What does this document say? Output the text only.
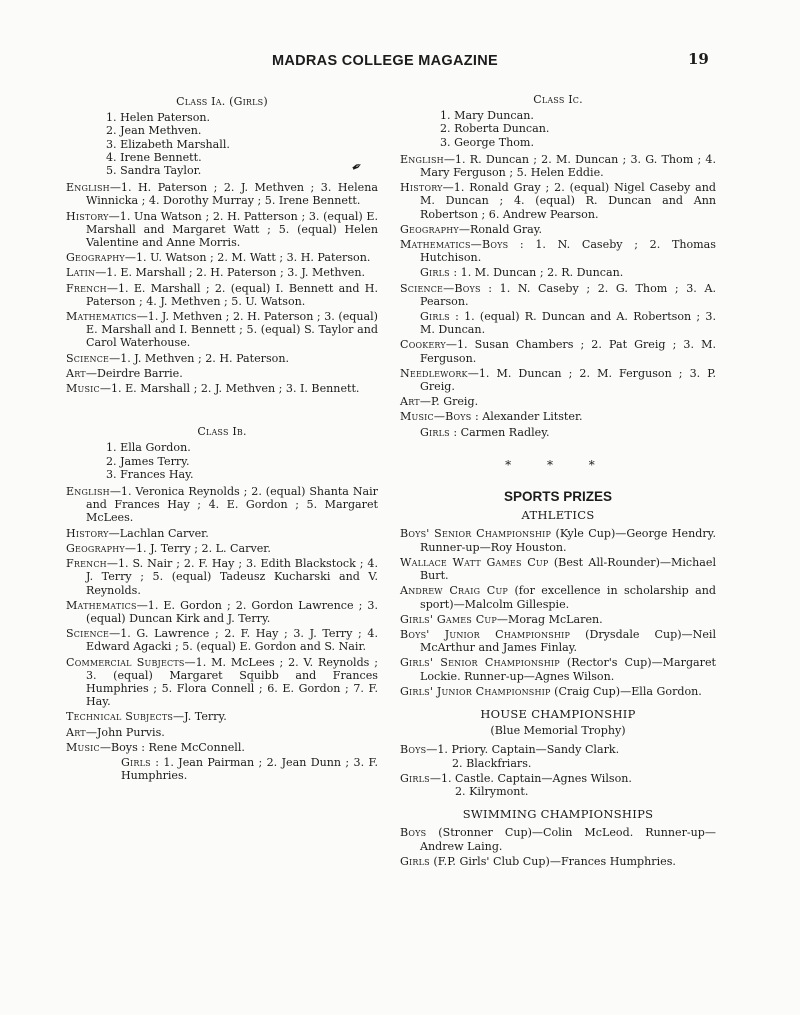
MADRAS COLLEGE MAGAZINE	19
✒
Class Ia. (Girls)
1. Helen Paterson.
2. Jean Methven.
3. Elizabeth Marshall.
4. Irene Bennett.
5. Sandra Taylor.

English—1. H. Paterson ; 2. J. Methven ; 3. Helena Winnicka ; 4. Dorothy Murray ; 5. Irene Bennett.

History—1. Una Watson ; 2. H. Patterson ; 3. (equal) E. Marshall and Margaret Watt ; 5. (equal) Helen Valentine and Anne Morris.

Geography—1. U. Watson ; 2. M. Watt ; 3. H. Paterson.

Latin—1. E. Marshall ; 2. H. Paterson ; 3. J. Methven.

French—1. E. Marshall ; 2. (equal) I. Bennett and H. Paterson ; 4. J. Methven ; 5. U. Watson.

Mathematics—1. J. Methven ; 2. H. Paterson ; 3. (equal) E. Marshall and I. Bennett ; 5. (equal) S. Taylor and Carol Waterhouse.

Science—1. J. Methven ; 2. H. Paterson.

Art—Deirdre Barrie.

Music—1. E. Marshall ; 2. J. Methven ; 3. I. Bennett.

Class Ib.
1. Ella Gordon.
2. James Terry.
3. Frances Hay.

English—1. Veronica Reynolds ; 2. (equal) Shanta Nair and Frances Hay ; 4. E. Gordon ; 5. Margaret McLees.

History—Lachlan Carver.

Geography—1. J. Terry ; 2. L. Carver.

French—1. S. Nair ; 2. F. Hay ; 3. Edith Blackstock ; 4. J. Terry ; 5. (equal) Tadeusz Kucharski and V. Reynolds.

Mathematics—1. E. Gordon ; 2. Gordon Lawrence ; 3. (equal) Duncan Kirk and J. Terry.

Science—1. G. Lawrence ; 2. F. Hay ; 3. J. Terry ; 4. Edward Agacki ; 5. (equal) E. Gordon and S. Nair.

Commercial Subjects—1. M. McLees ; 2. V. Reynolds ; 3. (equal) Margaret Squibb and Frances Humphries ; 5. Flora Connell ; 6. E. Gordon ; 7. F. Hay.

Technical Subjects—J. Terry.

Art—John Purvis.

Music—Boys : Rene McConnell.

Girls : 1. Jean Pairman ; 2. Jean Dunn ; 3. F. Humphries.

Class Ic.
1. Mary Duncan.
2. Roberta Duncan.
3. George Thom.

English—1. R. Duncan ; 2. M. Duncan ; 3. G. Thom ; 4. Mary Ferguson ; 5. Helen Eddie.

History—1. Ronald Gray ; 2. (equal) Nigel Caseby and M. Duncan ; 4. (equal) R. Duncan and Ann Robertson ; 6. Andrew Pearson.

Geography—Ronald Gray.

Mathematics—Boys : 1. N. Caseby ; 2. Thomas Hutchison.

Girls : 1. M. Duncan ; 2. R. Duncan.

Science—Boys : 1. N. Caseby ; 2. G. Thom ; 3. A. Pearson.

Girls : 1. (equal) R. Duncan and A. Robertson ; 3. M. Duncan.

Cookery—1. Susan Chambers ; 2. Pat Greig ; 3. M. Ferguson.

Needlework—1. M. Duncan ; 2. M. Ferguson ; 3. P. Greig.

Art—P. Greig.

Music—Boys : Alexander Litster.

Girls : Carmen Radley.

* * *
SPORTS PRIZES
ATHLETICS

Boys' Senior Championship (Kyle Cup)—George Hendry. Runner-up—Roy Houston.

Wallace Watt Games Cup (Best All-Rounder)—Michael Burt.

Andrew Craig Cup (for excellence in scholarship and sport)—Malcolm Gillespie.

Girls' Games Cup—Morag McLaren.

Boys' Junior Championship (Drysdale Cup)—Neil McArthur and James Finlay.

Girls' Senior Championship (Rector's Cup)—Margaret Lockie. Runner-up—Agnes Wilson.

Girls' Junior Championship (Craig Cup)—Ella Gordon.

HOUSE CHAMPIONSHIP
(Blue Memorial Trophy)

Boys—1. Priory. Captain—Sandy Clark.

2. Blackfriars.

Girls—1. Castle. Captain—Agnes Wilson.

2. Kilrymont.

SWIMMING CHAMPIONSHIPS

Boys (Stronner Cup)—Colin McLeod. Runner-up—Andrew Laing.

Girls (F.P. Girls' Club Cup)—Frances Humphries.
